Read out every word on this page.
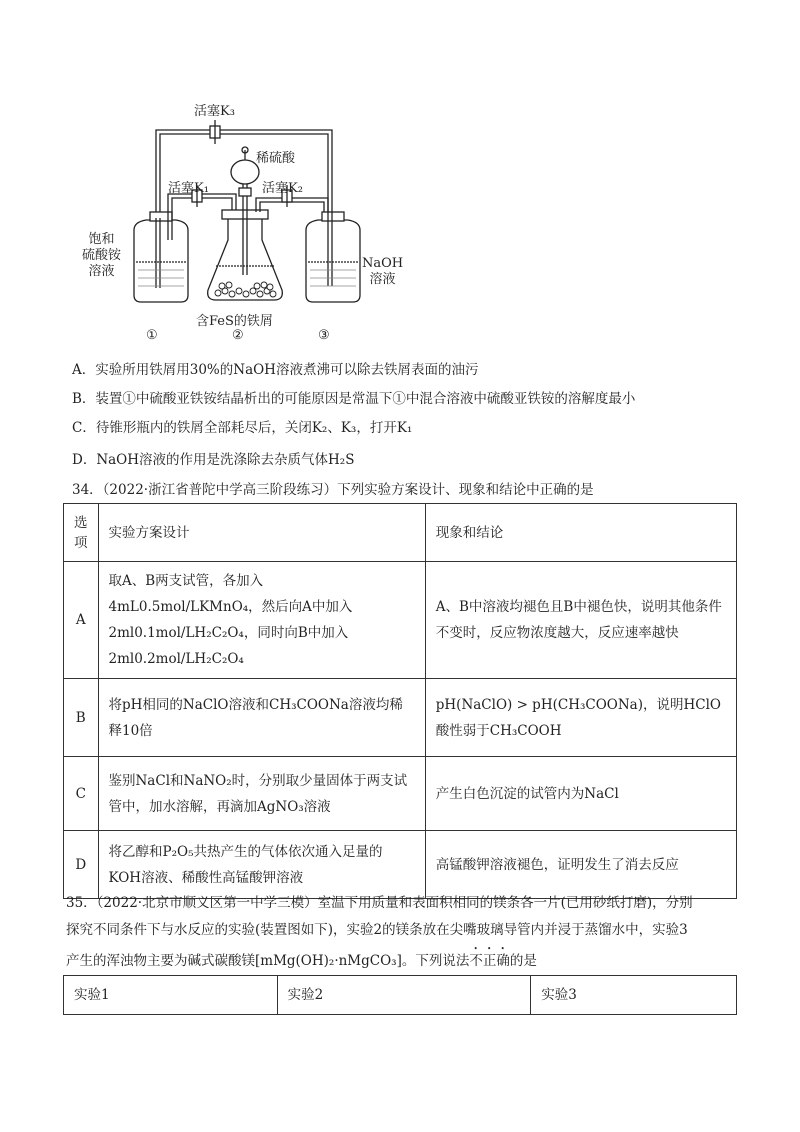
活塞K₃
稀硫酸
活塞K₁	活塞K₂
饱和
硫酸铵
溶液
NaOH
溶液
含FeS的铁屑
①	②	③
A．实验所用铁屑用30%的NaOH溶液煮沸可以除去铁屑表面的油污
B．装置①中硫酸亚铁铵结晶析出的可能原因是常温下①中混合溶液中硫酸亚铁铵的溶解度最小
C．待锥形瓶内的铁屑全部耗尽后，关闭K₂、K₃，打开K₁
D．NaOH溶液的作用是洗涤除去杂质气体H₂S
34．（2022·浙江省普陀中学高三阶段练习）下列实验方案设计、现象和结论中正确的是
选项	实验方案设计	现象和结论
A	取A、B两支试管，各加入4mL0.5mol/LKMnO₄，然后向A中加入2ml0.1mol/LH₂C₂O₄，同时向B中加入2ml0.2mol/LH₂C₂O₄	A、B中溶液均褪色且B中褪色快，说明其他条件不变时，反应物浓度越大，反应速率越快
B	将pH相同的NaClO溶液和CH₃COONa溶液均稀释10倍	pH(NaClO) > pH(CH₃COONa)，说明HClO酸性弱于CH₃COOH
C	鉴别NaCl和NaNO₂时，分别取少量固体于两支试管中，加水溶解，再滴加AgNO₃溶液	产生白色沉淀的试管内为NaCl
D	将乙醇和P₂O₅共热产生的气体依次通入足量的KOH溶液、稀酸性高锰酸钾溶液	高锰酸钾溶液褪色，证明发生了消去反应
35．（2022·北京市顺义区第一中学三模）室温下用质量和表面积相同的镁条各一片(已用砂纸打磨)，分别
探究不同条件下与水反应的实验(装置图如下)，实验2的镁条放在尖嘴玻璃导管内并浸于蒸馏水中，实验3
产生的浑浊物主要为碱式碳酸镁[mMg(OH)₂·nMgCO₃]。下列说法不正确的是
实验1	实验2	实验3
